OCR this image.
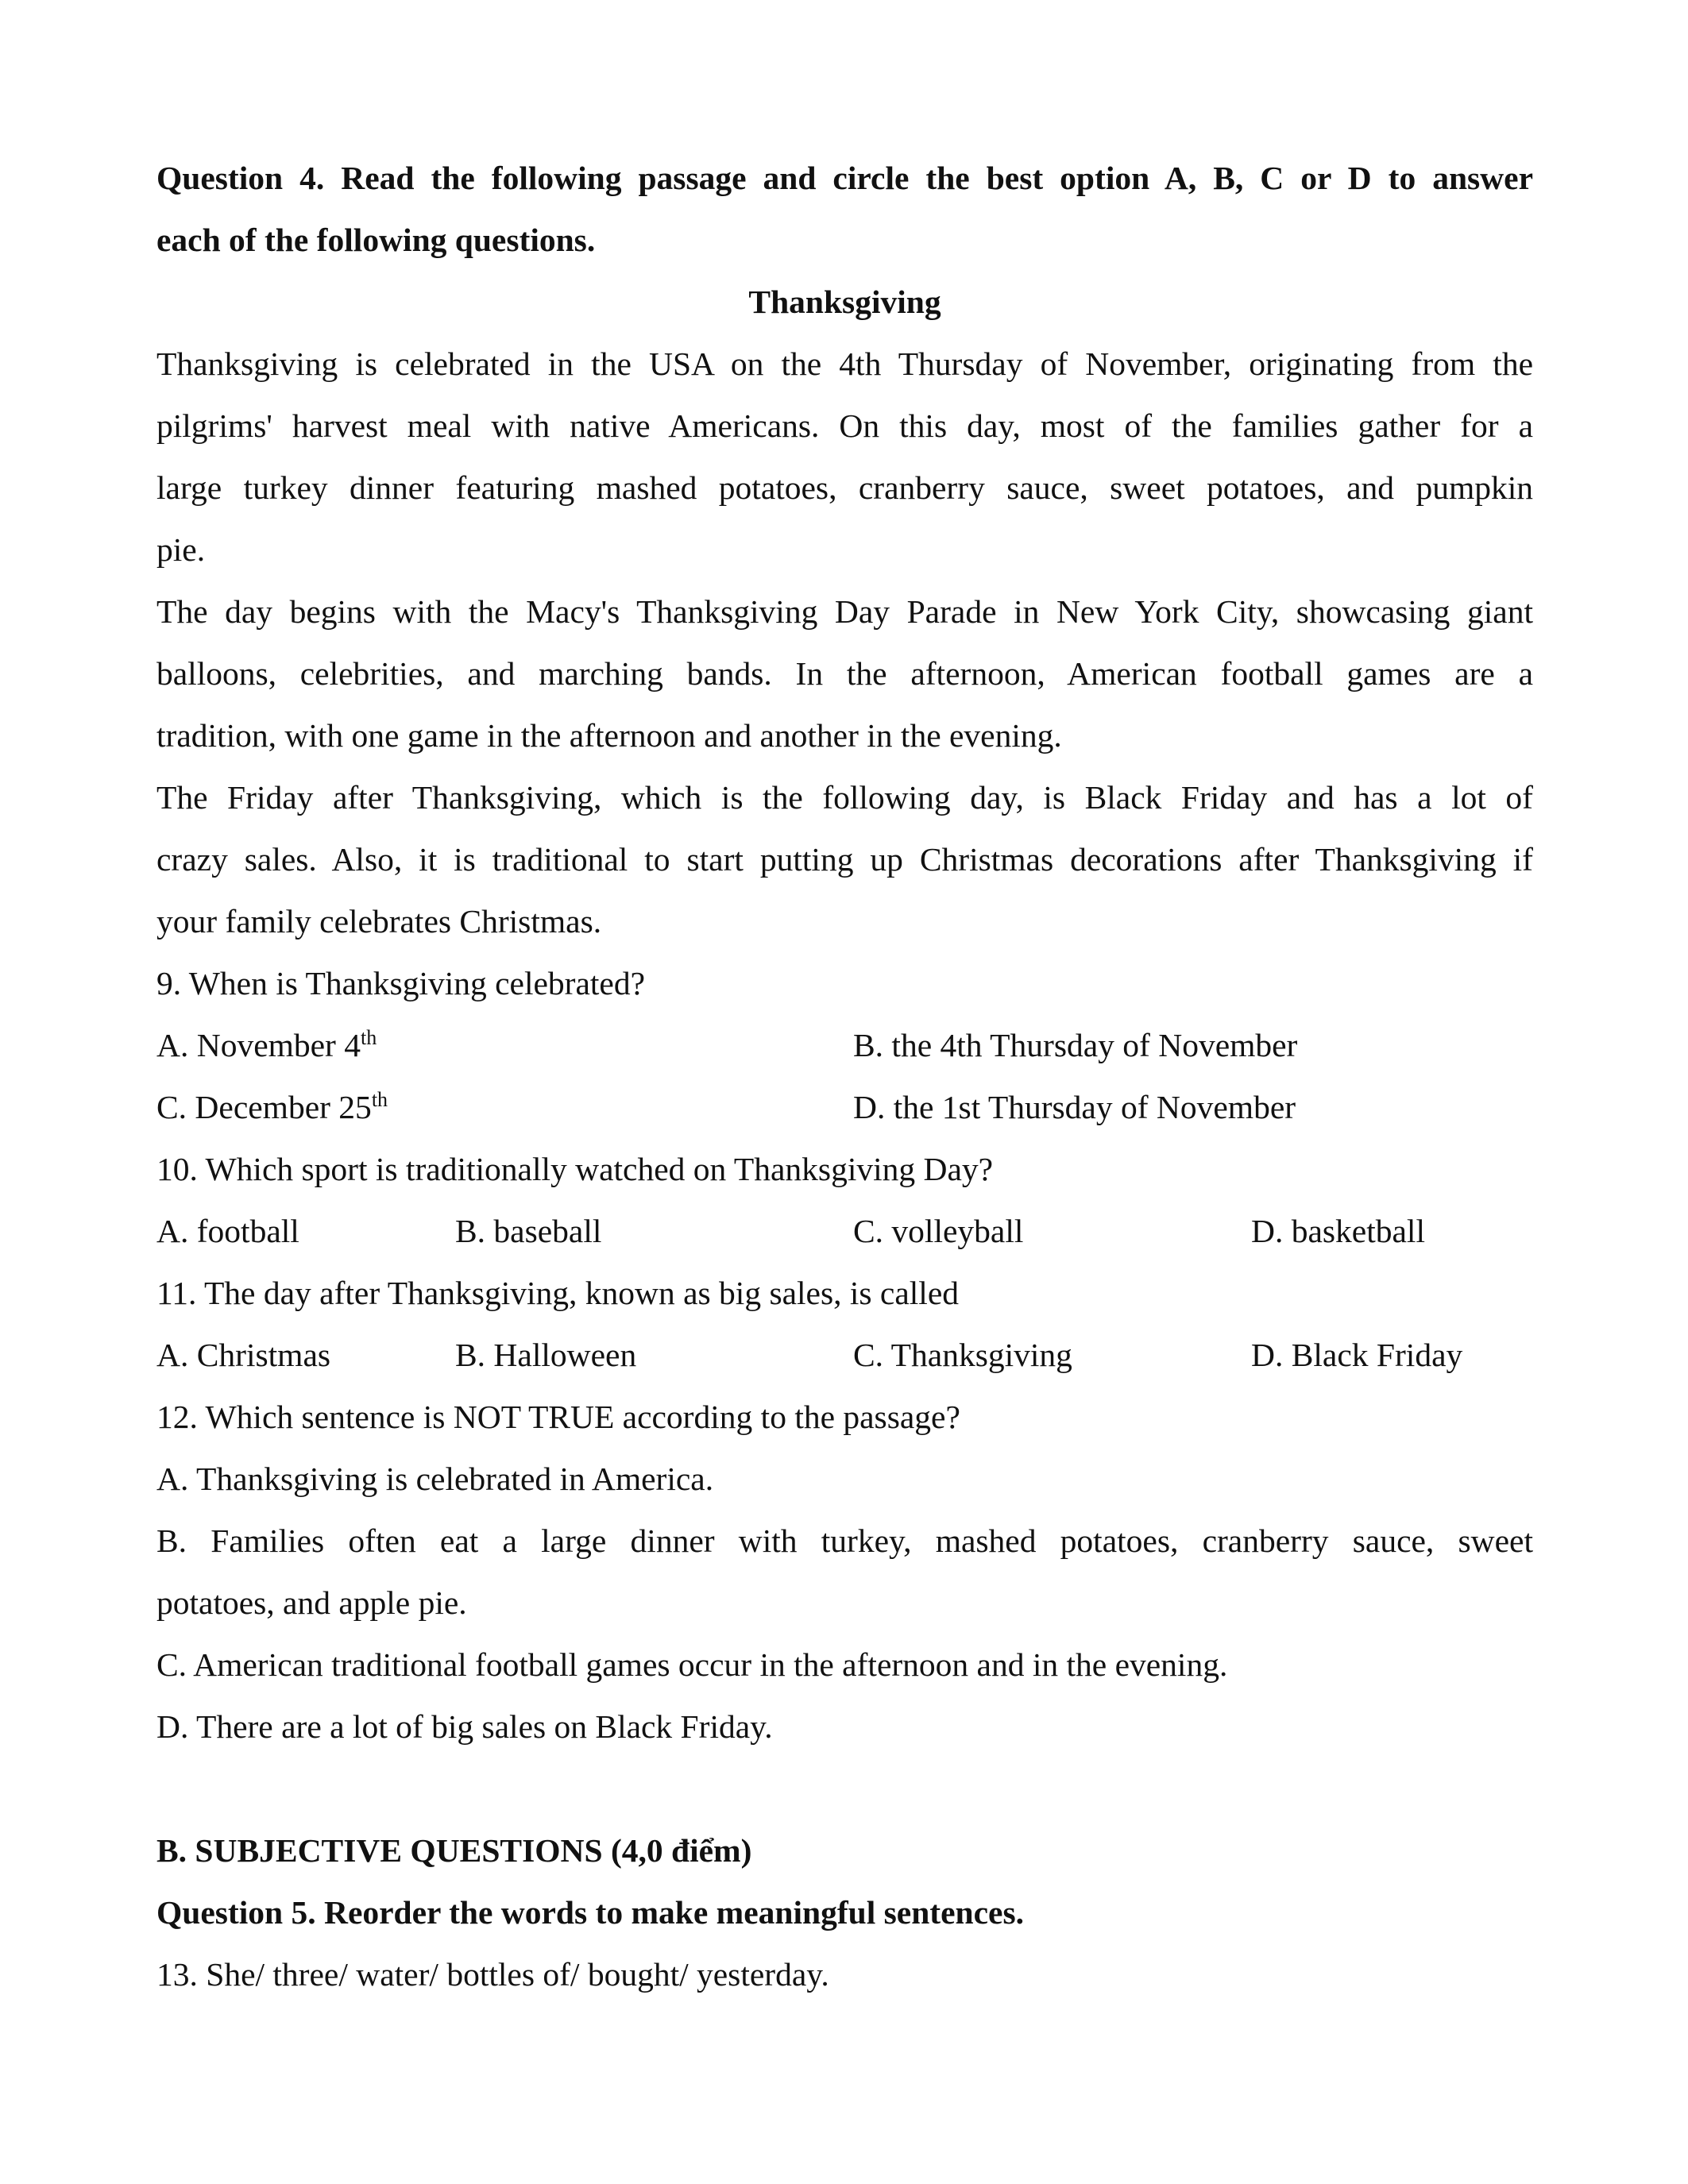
Question 4. Read the following passage and circle the best option A, B, C or D to answer
each of the following questions.
Thanksgiving
Thanksgiving is celebrated in the USA on the 4th Thursday of November, originating from the
pilgrims' harvest meal with native Americans. On this day, most of the families gather for a
large turkey dinner featuring mashed potatoes, cranberry sauce, sweet potatoes, and pumpkin
pie.
The day begins with the Macy's Thanksgiving Day Parade in New York City, showcasing giant
balloons, celebrities, and marching bands. In the afternoon, American football games are a
tradition, with one game in the afternoon and another in the evening.
The Friday after Thanksgiving, which is the following day, is Black Friday and has a lot of
crazy sales. Also, it is traditional to start putting up Christmas decorations after Thanksgiving if
your family celebrates Christmas.
9. When is Thanksgiving celebrated?
A. November 4th	B. the 4th Thursday of November
C. December 25th	D. the 1st Thursday of November
10. Which sport is traditionally watched on Thanksgiving Day?
A. football	B. baseball	C. volleyball	D. basketball
11. The day after Thanksgiving, known as big sales, is called
A. Christmas	B. Halloween	C. Thanksgiving	D. Black Friday
12. Which sentence is NOT TRUE according to the passage?
A. Thanksgiving is celebrated in America.
B. Families often eat a large dinner with turkey, mashed potatoes, cranberry sauce, sweet
potatoes, and apple pie.
C. American traditional football games occur in the afternoon and in the evening.
D. There are a lot of big sales on Black Friday.
B. SUBJECTIVE QUESTIONS (4,0 điểm)
Question 5. Reorder the words to make meaningful sentences.
13. She/ three/ water/ bottles of/ bought/ yesterday.
